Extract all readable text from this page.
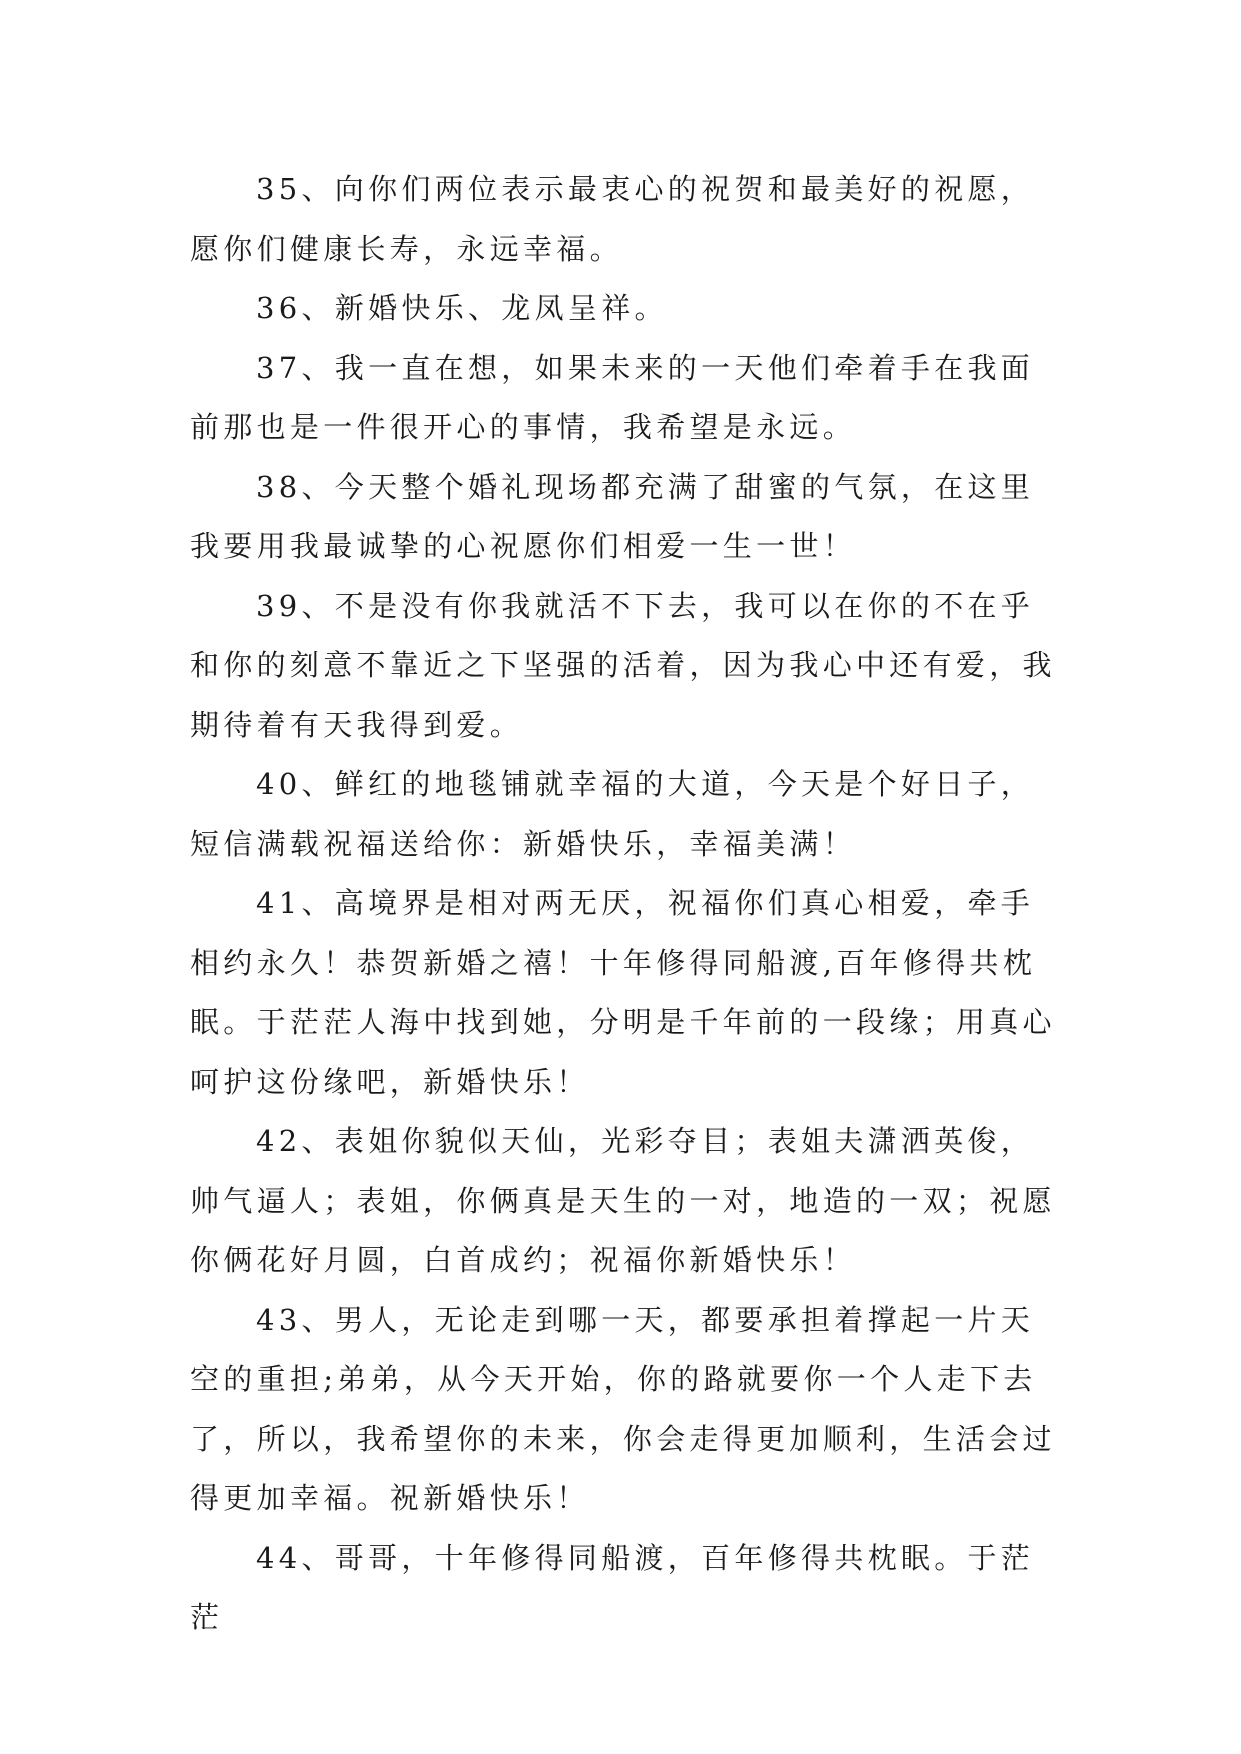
35、向你们两位表示最衷心的祝贺和最美好的祝愿，愿你们健康长寿，永远幸福。

36、新婚快乐、龙凤呈祥。

37、我一直在想，如果未来的一天他们牵着手在我面前那也是一件很开心的事情，我希望是永远。

38、今天整个婚礼现场都充满了甜蜜的气氛，在这里我要用我最诚挚的心祝愿你们相爱一生一世！

39、不是没有你我就活不下去，我可以在你的不在乎和你的刻意不靠近之下坚强的活着，因为我心中还有爱，我期待着有天我得到爱。

40、鲜红的地毯铺就幸福的大道，今天是个好日子，短信满载祝福送给你：新婚快乐，幸福美满！

41、高境界是相对两无厌，祝福你们真心相爱，牵手相约永久！恭贺新婚之禧！十年修得同船渡,百年修得共枕眠。于茫茫人海中找到她，分明是千年前的一段缘；用真心呵护这份缘吧，新婚快乐！

42、表姐你貌似天仙，光彩夺目；表姐夫潇洒英俊，帅气逼人；表姐，你俩真是天生的一对，地造的一双；祝愿你俩花好月圆，白首成约；祝福你新婚快乐！

43、男人，无论走到哪一天，都要承担着撑起一片天空的重担;弟弟，从今天开始，你的路就要你一个人走下去了，所以，我希望你的未来，你会走得更加顺利，生活会过得更加幸福。祝新婚快乐！

44、哥哥，十年修得同船渡，百年修得共枕眠。于茫茫
